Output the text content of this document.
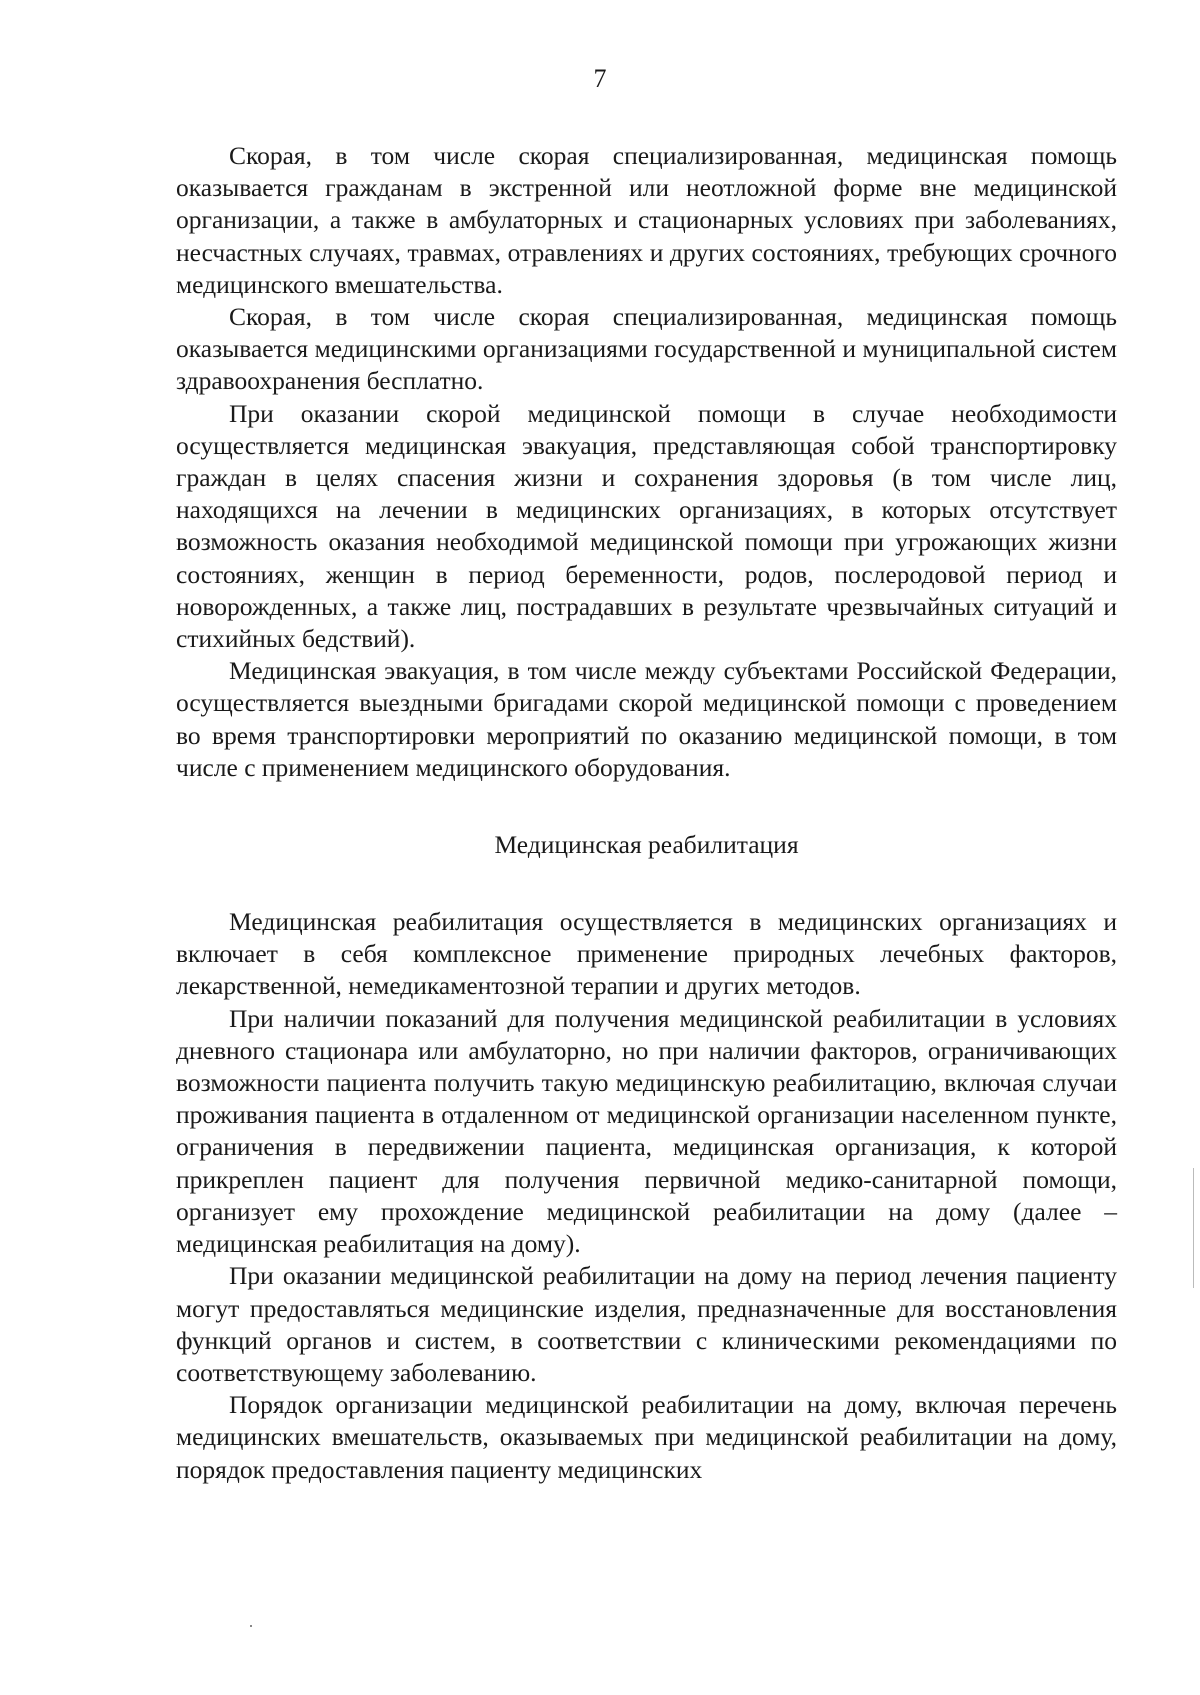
7

Скорая, в том числе скорая специализированная, медицинская помощь оказывается гражданам в экстренной или неотложной форме вне медицинской организации, а также в амбулаторных и стационарных условиях при заболеваниях, несчастных случаях, травмах, отравлениях и других состояниях, требующих срочного медицинского вмешательства.

Скорая, в том числе скорая специализированная, медицинская помощь оказывается медицинскими организациями государственной и муниципальной систем здравоохранения бесплатно.

При оказании скорой медицинской помощи в случае необходимости осуществляется медицинская эвакуация, представляющая собой транспортировку граждан в целях спасения жизни и сохранения здоровья (в том числе лиц, находящихся на лечении в медицинских организациях, в которых отсутствует возможность оказания необходимой медицинской помощи при угрожающих жизни состояниях, женщин в период беременности, родов, послеродовой период и новорожденных, а также лиц, пострадавших в результате чрезвычайных ситуаций и стихийных бедствий).

Медицинская эвакуация, в том числе между субъектами Российской Федерации, осуществляется выездными бригадами скорой медицинской помощи с проведением во время транспортировки мероприятий по оказанию медицинской помощи, в том числе с применением медицинского оборудования.

Медицинская реабилитация

Медицинская реабилитация осуществляется в медицинских организациях и включает в себя комплексное применение природных лечебных факторов, лекарственной, немедикаментозной терапии и других методов.

При наличии показаний для получения медицинской реабилитации в условиях дневного стационара или амбулаторно, но при наличии факторов, ограничивающих возможности пациента получить такую медицинскую реабилитацию, включая случаи проживания пациента в отдаленном от медицинской организации населенном пункте, ограничения в передвижении пациента, медицинская организация, к которой прикреплен пациент для получения первичной медико-санитарной помощи, организует ему прохождение медицинской реабилитации на дому (далее – медицинская реабилитация на дому).

При оказании медицинской реабилитации на дому на период лечения пациенту могут предоставляться медицинские изделия, предназначенные для восстановления функций органов и систем, в соответствии с клиническими рекомендациями по соответствующему заболеванию.

Порядок организации медицинской реабилитации на дому, включая перечень медицинских вмешательств, оказываемых при медицинской реабилитации на дому, порядок предоставления пациенту медицинских
